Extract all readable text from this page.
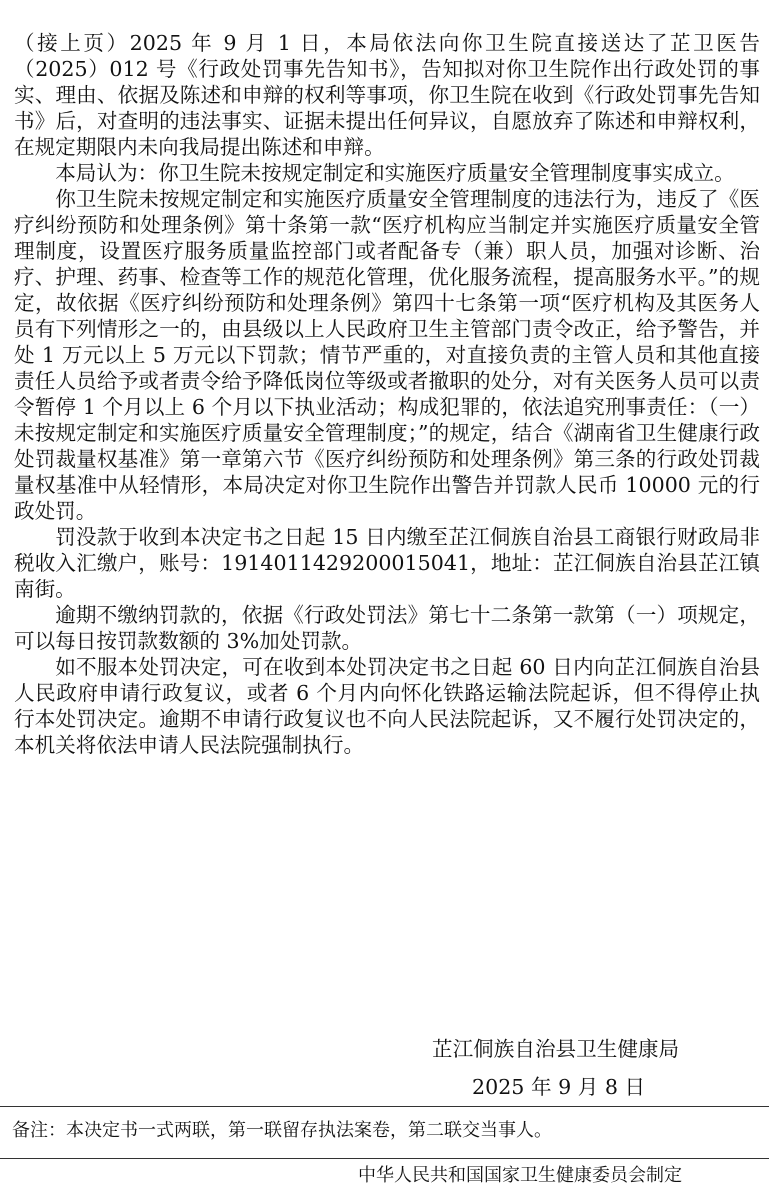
（接上页）2025 年 9 月 1 日，本局依法向你卫生院直接送达了芷卫医告（2025）012 号《行政处罚事先告知书》，告知拟对你卫生院作出行政处罚的事实、理由、依据及陈述和申辩的权利等事项，你卫生院在收到《行政处罚事先告知书》后，对查明的违法事实、证据未提出任何异议，自愿放弃了陈述和申辩权利，在规定期限内未向我局提出陈述和申辩。

本局认为：你卫生院未按规定制定和实施医疗质量安全管理制度事实成立。

你卫生院未按规定制定和实施医疗质量安全管理制度的违法行为，违反了《医疗纠纷预防和处理条例》第十条第一款“医疗机构应当制定并实施医疗质量安全管理制度，设置医疗服务质量监控部门或者配备专（兼）职人员，加强对诊断、治疗、护理、药事、检查等工作的规范化管理，优化服务流程，提高服务水平。”的规定，故依据《医疗纠纷预防和处理条例》第四十七条第一项“医疗机构及其医务人员有下列情形之一的，由县级以上人民政府卫生主管部门责令改正，给予警告，并处 1 万元以上 5 万元以下罚款；情节严重的，对直接负责的主管人员和其他直接责任人员给予或者责令给予降低岗位等级或者撤职的处分，对有关医务人员可以责令暂停 1 个月以上 6 个月以下执业活动；构成犯罪的，依法追究刑事责任：（一）未按规定制定和实施医疗质量安全管理制度；”的规定，结合《湖南省卫生健康行政处罚裁量权基准》第一章第六节《医疗纠纷预防和处理条例》第三条的行政处罚裁量权基准中从轻情形，本局决定对你卫生院作出警告并罚款人民币 10000 元的行政处罚。

罚没款于收到本决定书之日起 15 日内缴至芷江侗族自治县工商银行财政局非税收入汇缴户，账号：1914011429200015041，地址：芷江侗族自治县芷江镇南街。

逾期不缴纳罚款的，依据《行政处罚法》第七十二条第一款第（一）项规定，可以每日按罚款数额的 3%加处罚款。

如不服本处罚决定，可在收到本处罚决定书之日起 60 日内向芷江侗族自治县人民政府申请行政复议，或者 6 个月内向怀化铁路运输法院起诉，但不得停止执行本处罚决定。逾期不申请行政复议也不向人民法院起诉，又不履行处罚决定的，本机关将依法申请人民法院强制执行。

芷江侗族自治县卫生健康局
2025 年 9 月 8 日
备注：本决定书一式两联，第一联留存执法案卷，第二联交当事人。
中华人民共和国国家卫生健康委员会制定
